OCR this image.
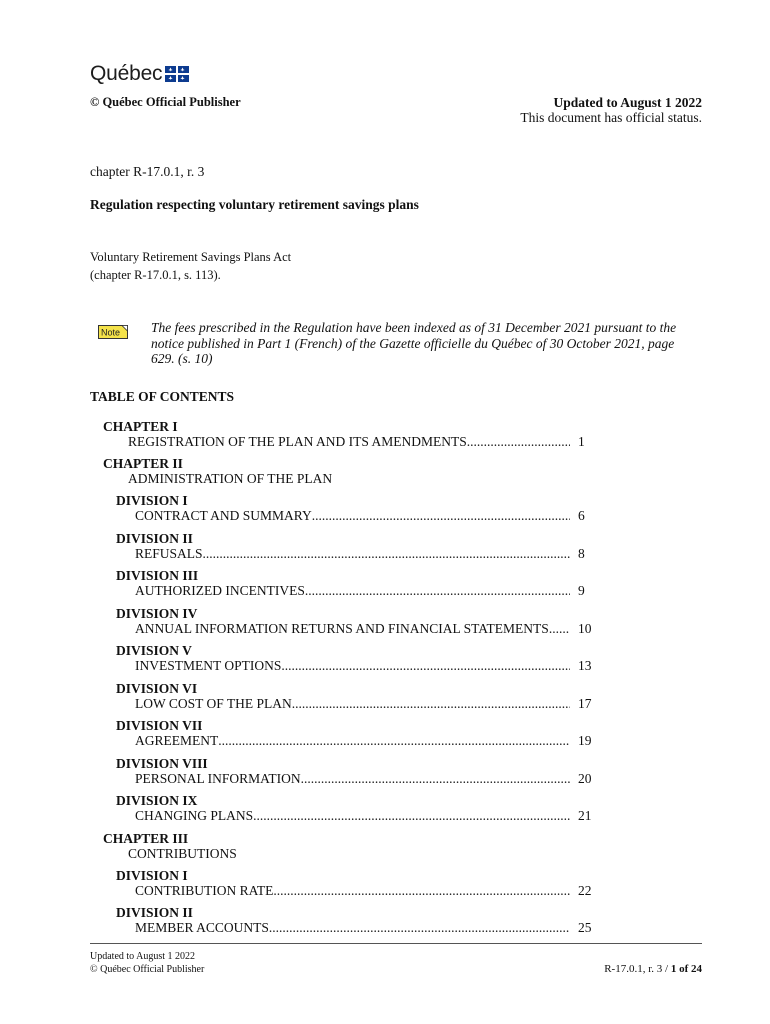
Québec
© Québec Official Publisher	Updated to August 1 2022
This document has official status.
chapter R-17.0.1, r. 3
Regulation respecting voluntary retirement savings plans
Voluntary Retirement Savings Plans Act
(chapter R-17.0.1, s. 113).
Note The fees prescribed in the Regulation have been indexed as of 31 December 2021 pursuant to the notice published in Part 1 (French) of the Gazette officielle du Québec of 30 October 2021, page 629. (s. 10)
TABLE OF CONTENTS
CHAPTER I
REGISTRATION OF THE PLAN AND ITS AMENDMENTS .....	1
CHAPTER II
ADMINISTRATION OF THE PLAN
DIVISION I
CONTRACT AND SUMMARY .....	6
DIVISION II
REFUSALS .....	8
DIVISION III
AUTHORIZED INCENTIVES .....	9
DIVISION IV
ANNUAL INFORMATION RETURNS AND FINANCIAL STATEMENTS ..... 10
DIVISION V
INVESTMENT OPTIONS .....	13
DIVISION VI
LOW COST OF THE PLAN .....	17
DIVISION VII
AGREEMENT .....	19
DIVISION VIII
PERSONAL INFORMATION .....	20
DIVISION IX
CHANGING PLANS .....	21
CHAPTER III
CONTRIBUTIONS
DIVISION I
CONTRIBUTION RATE .....	22
DIVISION II
MEMBER ACCOUNTS .....	25
Updated to August 1 2022
© Québec Official Publisher	R-17.0.1, r. 3 / 1 of 24
